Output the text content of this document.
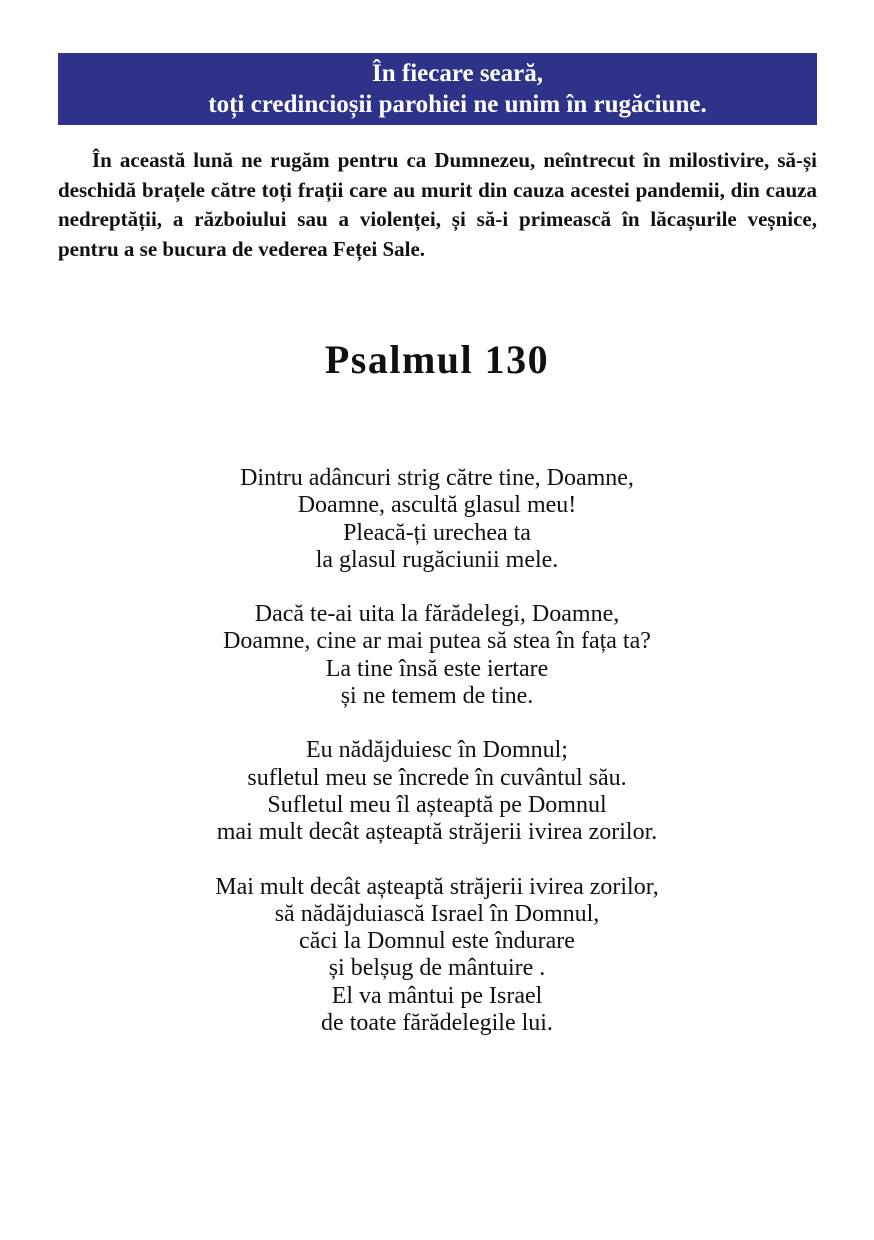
În fiecare seară,
toți credincioșii parohiei ne unim în rugăciune.

În această lună ne rugăm pentru ca Dumnezeu, neîntrecut în milostivire, să-și deschidă brațele către toți frații care au murit din cauza acestei pandemii, din cauza nedreptății, a războiului sau a violenței, și să-i primească în lăcașurile veșnice, pentru a se bucura de vederea Feței Sale.

Psalmul 130
Dintru adâncuri strig către tine, Doamne,
Doamne, ascultă glasul meu!
Pleacă-ți urechea ta
la glasul rugăciunii mele.
Dacă te-ai uita la fărădelegi, Doamne,
Doamne, cine ar mai putea să stea în fața ta?
La tine însă este iertare
și ne temem de tine.
Eu nădăjduiesc în Domnul;
sufletul meu se încrede în cuvântul său.
Sufletul meu îl așteaptă pe Domnul
mai mult decât așteaptă străjerii ivirea zorilor.
Mai mult decât așteaptă străjerii ivirea zorilor,
să nădăjduiască Israel în Domnul,
căci la Domnul este îndurare
și belșug de mântuire .
El va mântui pe Israel
de toate fărădelegile lui.
